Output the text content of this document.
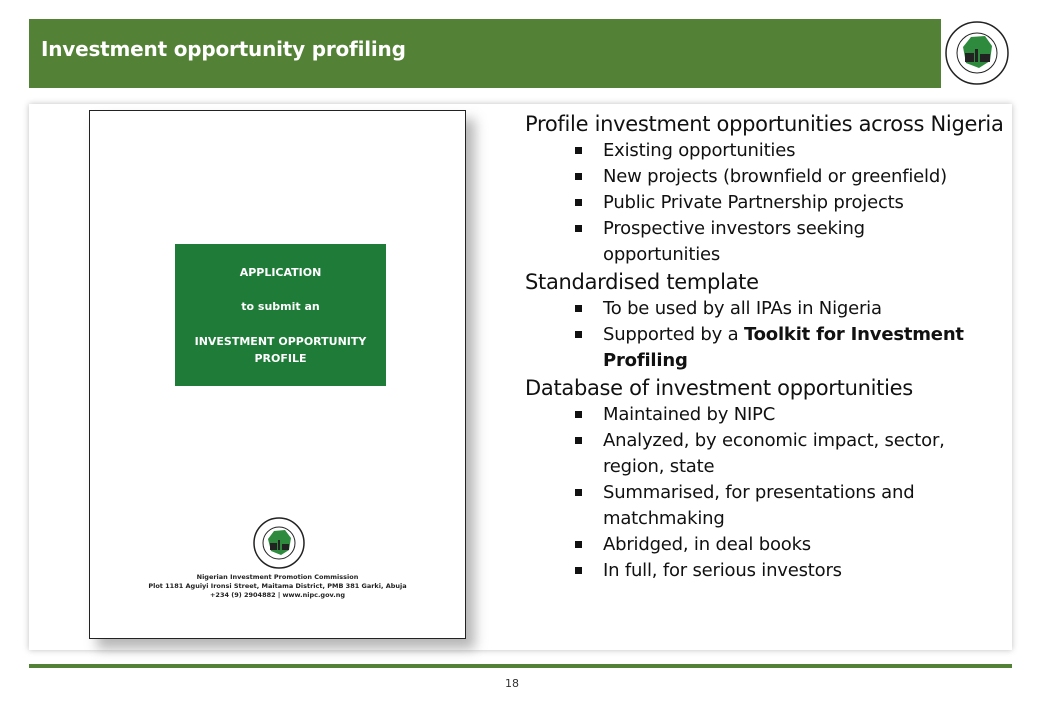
Investment opportunity profiling
APPLICATION
to submit an
INVESTMENT OPPORTUNITY
PROFILE
Nigerian Investment Promotion Commission
Plot 1181 Aguiyi Ironsi Street, Maitama District, PMB 381 Garki, Abuja
+234 (9) 2904882 | www.nipc.gov.ng
Profile investment opportunities across Nigeria
Existing opportunities
New projects (brownfield or greenfield)
Public Private Partnership projects
Prospective investors seeking opportunities
Standardised template
To be used by all IPAs in Nigeria
Supported by a Toolkit for Investment Profiling
Database of investment opportunities
Maintained by NIPC
Analyzed, by economic impact, sector, region, state
Summarised, for presentations and matchmaking
Abridged, in deal books
In full, for serious investors
18
